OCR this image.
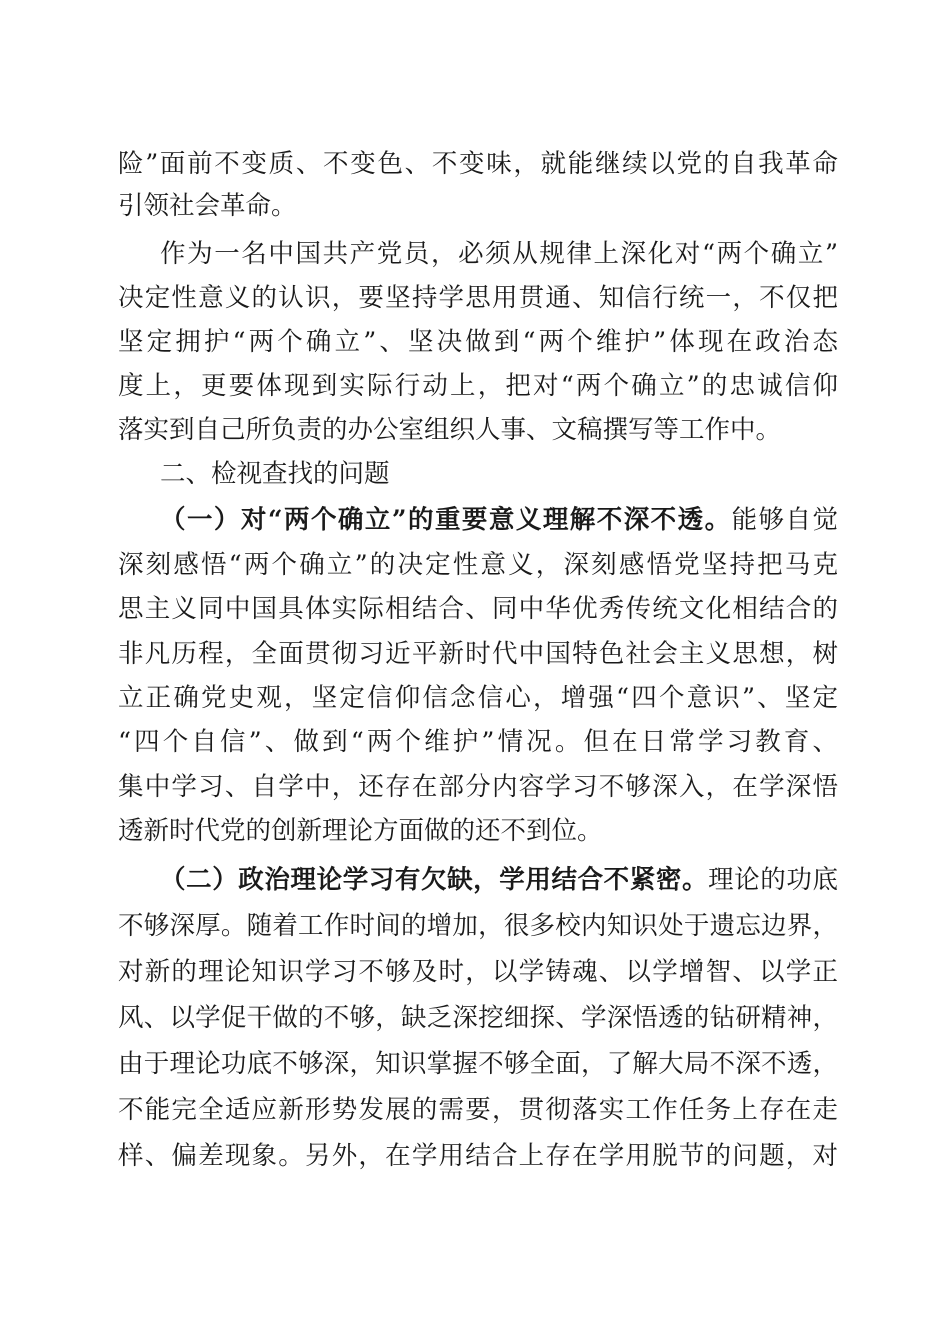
险”面前不变质、不变色、不变味，就能继续以党的自我革命
引领社会革命。
作为一名中国共产党员，必须从规律上深化对“两个确立”
决定性意义的认识，要坚持学思用贯通、知信行统一，不仅把
坚定拥护“两个确立”、坚决做到“两个维护”体现在政治态
度上，更要体现到实际行动上，把对“两个确立”的忠诚信仰
落实到自己所负责的办公室组织人事、文稿撰写等工作中。
二、检视查找的问题
（一）对“两个确立”的重要意义理解不深不透。能够自觉
深刻感悟“两个确立”的决定性意义，深刻感悟党坚持把马克
思主义同中国具体实际相结合、同中华优秀传统文化相结合的
非凡历程，全面贯彻习近平新时代中国特色社会主义思想，树
立正确党史观，坚定信仰信念信心，增强“四个意识”、坚定
“四个自信”、做到“两个维护”情况。但在日常学习教育、
集中学习、自学中，还存在部分内容学习不够深入，在学深悟
透新时代党的创新理论方面做的还不到位。
（二）政治理论学习有欠缺，学用结合不紧密。理论的功底
不够深厚。随着工作时间的增加，很多校内知识处于遗忘边界，
对新的理论知识学习不够及时，以学铸魂、以学增智、以学正
风、以学促干做的不够，缺乏深挖细探、学深悟透的钻研精神，
由于理论功底不够深，知识掌握不够全面，了解大局不深不透，
不能完全适应新形势发展的需要，贯彻落实工作任务上存在走
样、偏差现象。另外，在学用结合上存在学用脱节的问题，对
